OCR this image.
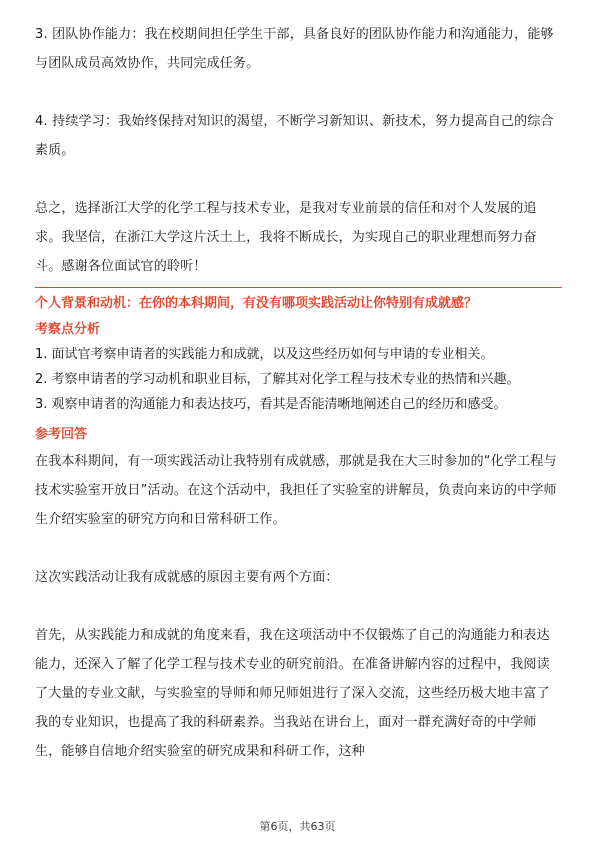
3. 团队协作能力：我在校期间担任学生干部，具备良好的团队协作能力和沟通能力，能够与团队成员高效协作，共同完成任务。

4. 持续学习：我始终保持对知识的渴望，不断学习新知识、新技术，努力提高自己的综合素质。

总之，选择浙江大学的化学工程与技术专业，是我对专业前景的信任和对个人发展的追求。我坚信，在浙江大学这片沃土上，我将不断成长，为实现自己的职业理想而努力奋斗。感谢各位面试官的聆听！

个人背景和动机：在你的本科期间，有没有哪项实践活动让你特别有成就感？

考察点分析

1. 面试官考察申请者的实践能力和成就，以及这些经历如何与申请的专业相关。

2. 考察申请者的学习动机和职业目标，了解其对化学工程与技术专业的热情和兴趣。

3. 观察申请者的沟通能力和表达技巧，看其是否能清晰地阐述自己的经历和感受。

参考回答

在我本科期间，有一项实践活动让我特别有成就感，那就是我在大三时参加的“化学工程与技术实验室开放日”活动。在这个活动中，我担任了实验室的讲解员，负责向来访的中学师生介绍实验室的研究方向和日常科研工作。

这次实践活动让我有成就感的原因主要有两个方面：

首先，从实践能力和成就的角度来看，我在这项活动中不仅锻炼了自己的沟通能力和表达能力，还深入了解了化学工程与技术专业的研究前沿。在准备讲解内容的过程中，我阅读了大量的专业文献，与实验室的导师和师兄师姐进行了深入交流，这些经历极大地丰富了我的专业知识，也提高了我的科研素养。当我站在讲台上，面对一群充满好奇的中学师生，能够自信地介绍实验室的研究成果和科研工作，这种

第6页，共63页
